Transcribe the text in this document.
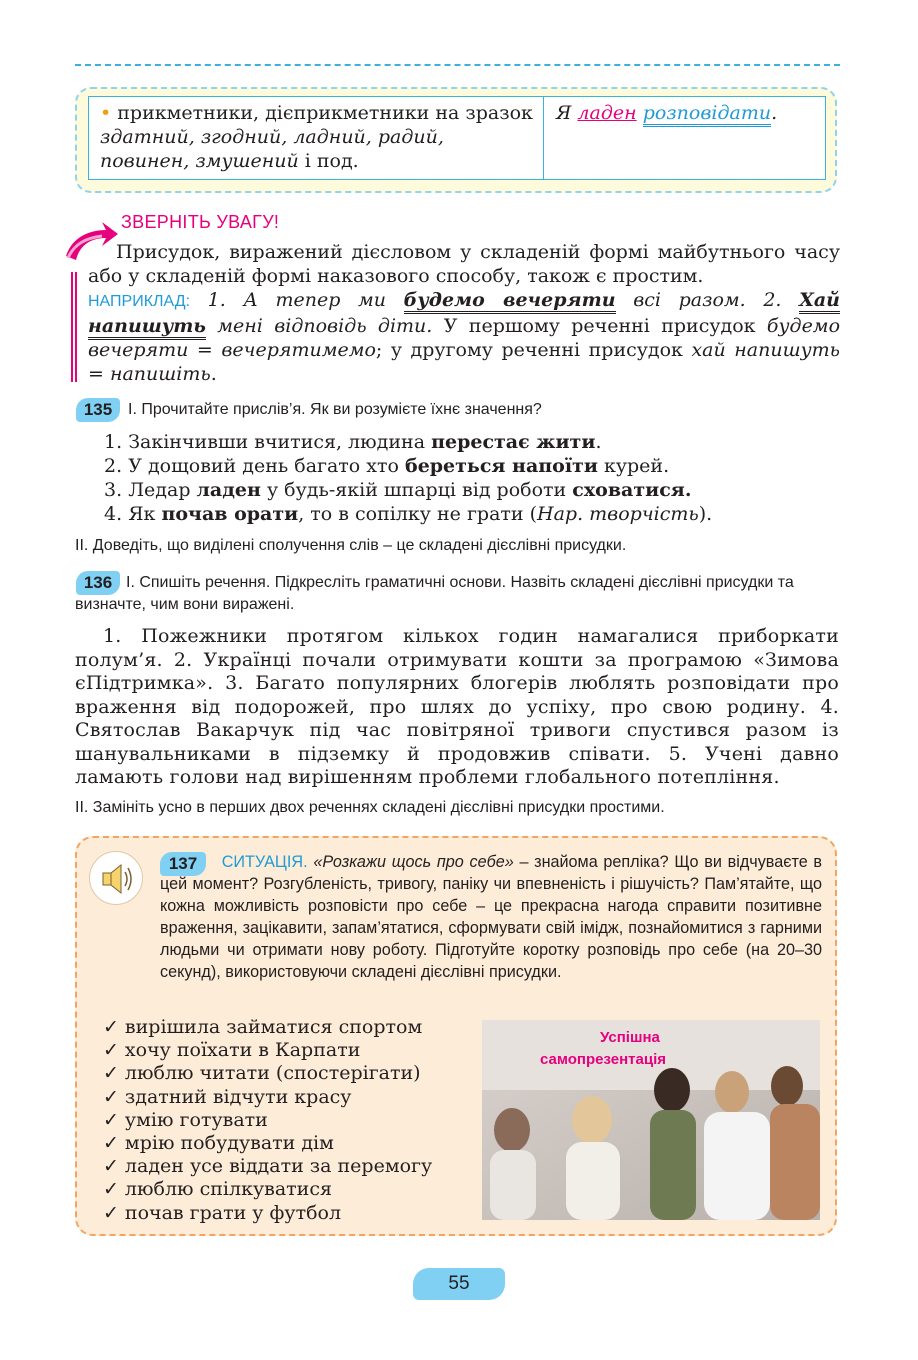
• прикметники, дієприкметники на зразок здатний, згодний, ладний, радий, повинен, змушений і под.
Я ладен розповідати.
ЗВЕРНІТЬ УВАГУ!
Присудок, виражений дієсловом у складеній формі майбутнього часу або у складеній формі наказового способу, також є простим.
НАПРИКЛАД: 1. А тепер ми будемо вечеряти всі разом. 2. Хай напишуть мені відповідь діти. У першому реченні присудок будемо вечеряти = вечерятимемо; у другому реченні присудок хай напишуть = напишіть.
135 І. Прочитайте прислів’я. Як ви розумієте їхнє значення?
1. Закінчивши вчитися, людина перестає жити.
2. У дощовий день багато хто береться напоїти курей.
3. Ледар ладен у будь-якій шпарці від роботи сховатися.
4. Як почав орати, то в сопілку не грати (Нар. творчість).
ІІ. Доведіть, що виділені сполучення слів – це складені дієслівні присудки.
136 І. Спишіть речення. Підкресліть граматичні основи. Назвіть складені дієслівні присудки та визначте, чим вони виражені.
1. Пожежники протягом кількох годин намагалися приборкати полум’я. 2. Українці почали отримувати кошти за програмою «Зимова єПідтримка». 3. Багато популярних блогерів люблять розповідати про враження від подорожей, про шлях до успіху, про свою родину. 4. Святослав Вакарчук під час повітряної тривоги спустився разом із шанувальниками в підземку й продовжив співати. 5. Учені давно ламають голови над вирішенням проблеми глобального потепління.
ІІ. Замініть усно в перших двох реченнях складені дієслівні присудки простими.
137	СИТУАЦІЯ. «Розкажи щось про себе» – знайома репліка? Що ви відчуваєте в цей момент? Розгубленість, тривогу, паніку чи впевненість і рішучість? Пам’ятайте, що кожна можливість розповісти про себе – це прекрасна нагода справити позитивне враження, зацікавити, запам’ятатися, сформувати свій імідж, познайомитися з гарними людьми чи отримати нову роботу. Підготуйте коротку розповідь про себе (на 20–30 секунд), використовуючи складені дієслівні присудки.
✓ вирішила займатися спортом
✓ хочу поїхати в Карпати
✓ люблю читати (спостерігати)
✓ здатний відчути красу
✓ умію готувати
✓ мрію побудувати дім
✓ ладен усе віддати за перемогу
✓ люблю спілкуватися
✓ почав грати у футбол
Успішна
самопрезентація
55
